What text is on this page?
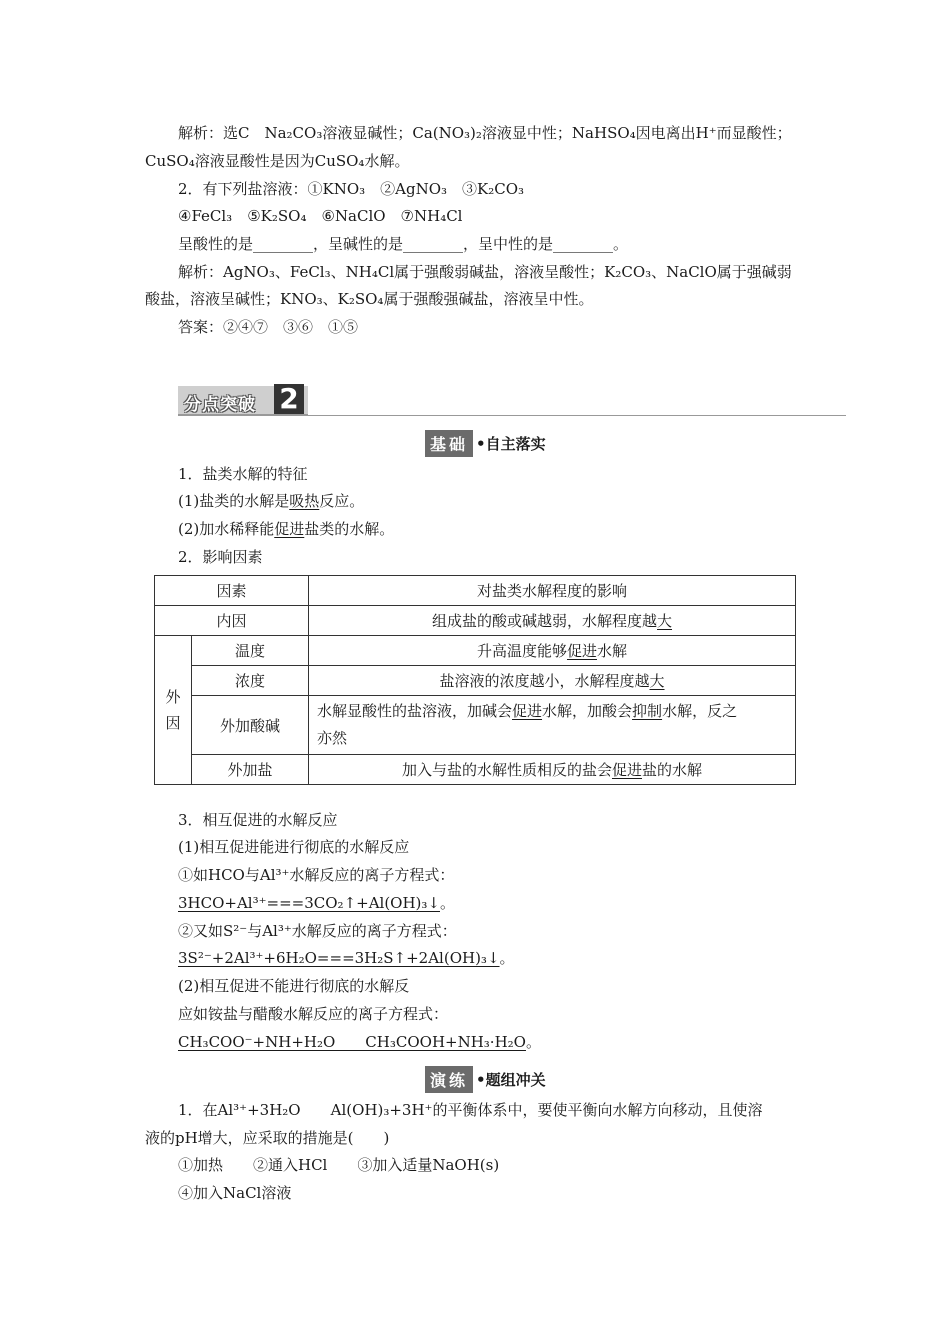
解析：选C　Na₂CO₃溶液显碱性；Ca(NO₃)₂溶液显中性；NaHSO₄因电离出H⁺而显酸性；
CuSO₄溶液显酸性是因为CuSO₄水解。
2．有下列盐溶液：①KNO₃　②AgNO₃　③K₂CO₃
④FeCl₃　⑤K₂SO₄　⑥NaClO　⑦NH₄Cl
呈酸性的是________，呈碱性的是________，呈中性的是________。
解析：AgNO₃、FeCl₃、NH₄Cl属于强酸弱碱盐，溶液呈酸性；K₂CO₃、NaClO属于强碱弱
酸盐，溶液呈碱性；KNO₃、K₂SO₄属于强酸强碱盐，溶液呈中性。
答案：②④⑦　③⑥　①⑤
分点突破 2
基础 •自主落实
1．盐类水解的特征
(1)盐类的水解是吸热反应。
(2)加水稀释能促进盐类的水解。
2．影响因素
因素		对盐类水解程度的影响
内因		组成盐的酸或碱越弱，水解程度越大
外因	温度	升高温度能够促进水解
	浓度	盐溶液的浓度越小，水解程度越大
	外加酸碱	水解显酸性的盐溶液，加碱会促进水解，加酸会抑制水解，反之
亦然
	外加盐	加入与盐的水解性质相反的盐会促进盐的水解
3．相互促进的水解反应
(1)相互促进能进行彻底的水解反应
①如HCO与Al³⁺水解反应的离子方程式：
3HCO+Al³⁺===3CO₂↑+Al(OH)₃↓。
②又如S²⁻与Al³⁺水解反应的离子方程式：
3S²⁻+2Al³⁺+6H₂O===3H₂S↑+2Al(OH)₃↓。
(2)相互促进不能进行彻底的水解反
应如铵盐与醋酸水解反应的离子方程式：
CH₃COO⁻+NH+H₂O　　CH₃COOH+NH₃·H₂O。
演练 •题组冲关
1．在Al³⁺+3H₂O　　Al(OH)₃+3H⁺的平衡体系中，要使平衡向水解方向移动，且使溶
液的pH增大，应采取的措施是(　　)
①加热　　②通入HCl　　③加入适量NaOH(s)
④加入NaCl溶液
